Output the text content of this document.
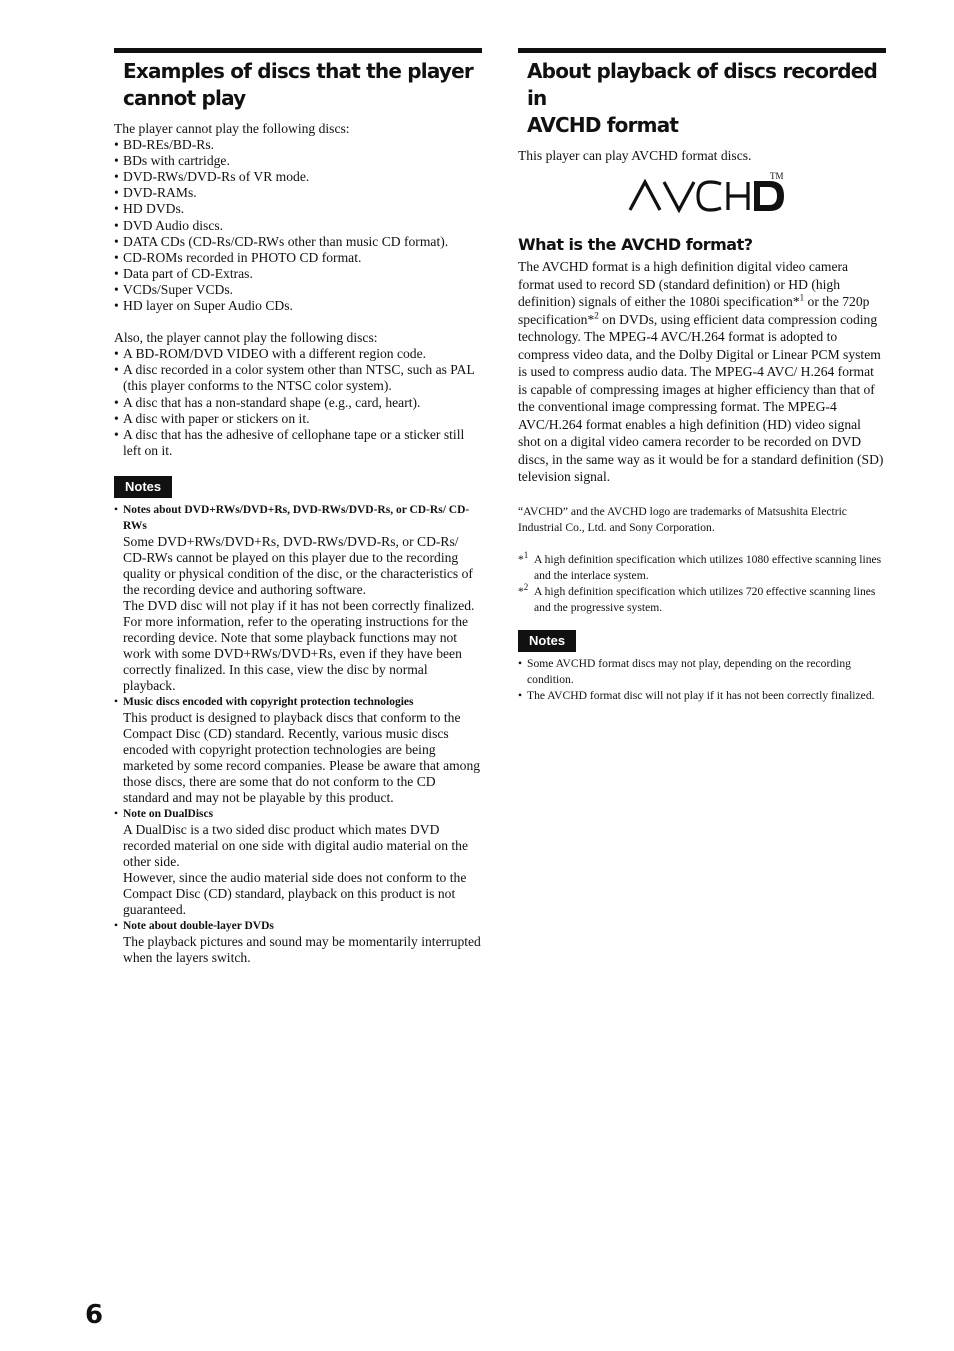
Examples of discs that the player
cannot play

The player cannot play the following discs:

• BD-REs/BD-Rs.
• BDs with cartridge.
• DVD-RWs/DVD-Rs of VR mode.
• DVD-RAMs.
• HD DVDs.
• DVD Audio discs.
• DATA CDs (CD-Rs/CD-RWs other than music CD format).
• CD-ROMs recorded in PHOTO CD format.
• Data part of CD-Extras.
• VCDs/Super VCDs.
• HD layer on Super Audio CDs.

Also, the player cannot play the following discs:

• A BD-ROM/DVD VIDEO with a different region code.
• A disc recorded in a color system other than NTSC, such as PAL (this player conforms to the NTSC color system).
• A disc that has a non-standard shape (e.g., card, heart).
• A disc with paper or stickers on it.
• A disc that has the adhesive of cellophane tape or a sticker still left on it.
Notes
• Notes about DVD+RWs/DVD+Rs, DVD-RWs/DVD-Rs, or CD-Rs/ CD-RWs
Some DVD+RWs/DVD+Rs, DVD-RWs/DVD-Rs, or CD-Rs/ CD-RWs cannot be played on this player due to the recording quality or physical condition of the disc, or the characteristics of the recording device and authoring software.
The DVD disc will not play if it has not been correctly finalized. For more information, refer to the operating instructions for the recording device. Note that some playback functions may not work with some DVD+RWs/DVD+Rs, even if they have been correctly finalized. In this case, view the disc by normal playback.
• Music discs encoded with copyright protection technologies
This product is designed to playback discs that conform to the Compact Disc (CD) standard. Recently, various music discs encoded with copyright protection technologies are being marketed by some record companies. Please be aware that among those discs, there are some that do not conform to the CD standard and may not be playable by this product.
• Note on DualDiscs
A DualDisc is a two sided disc product which mates DVD recorded material on one side with digital audio material on the other side.
However, since the audio material side does not conform to the Compact Disc (CD) standard, playback on this product is not guaranteed.
• Note about double-layer DVDs
The playback pictures and sound may be momentarily interrupted when the layers switch.
About playback of discs recorded in
AVCHD format

This player can play AVCHD format discs.

TM
What is the AVCHD format?

The AVCHD format is a high definition digital video camera format used to record SD (standard definition) or HD (high definition) signals of either the 1080i specification*$^1$ or the 720p specification*$^2$ on DVDs, using efficient data compression coding technology. The MPEG-4 AVC/H.264 format is adopted to compress video data, and the Dolby Digital or Linear PCM system is used to compress audio data. The MPEG-4 AVC/ H.264 format is capable of compressing images at higher efficiency than that of the conventional image compressing format. The MPEG-4 AVC/H.264 format enables a high definition (HD) video signal shot on a digital video camera recorder to be recorded on DVD discs, in the same way as it would be for a standard definition (SD) television signal.

“AVCHD” and the AVCHD logo are trademarks of Matsushita Electric Industrial Co., Ltd. and Sony Corporation.

*$^1$ A high definition specification which utilizes 1080 effective scanning lines and the interlace system.
*$^2$ A high definition specification which utilizes 720 effective scanning lines and the progressive system.
Notes
• Some AVCHD format discs may not play, depending on the recording condition.
• The AVCHD format disc will not play if it has not been correctly finalized.
6
